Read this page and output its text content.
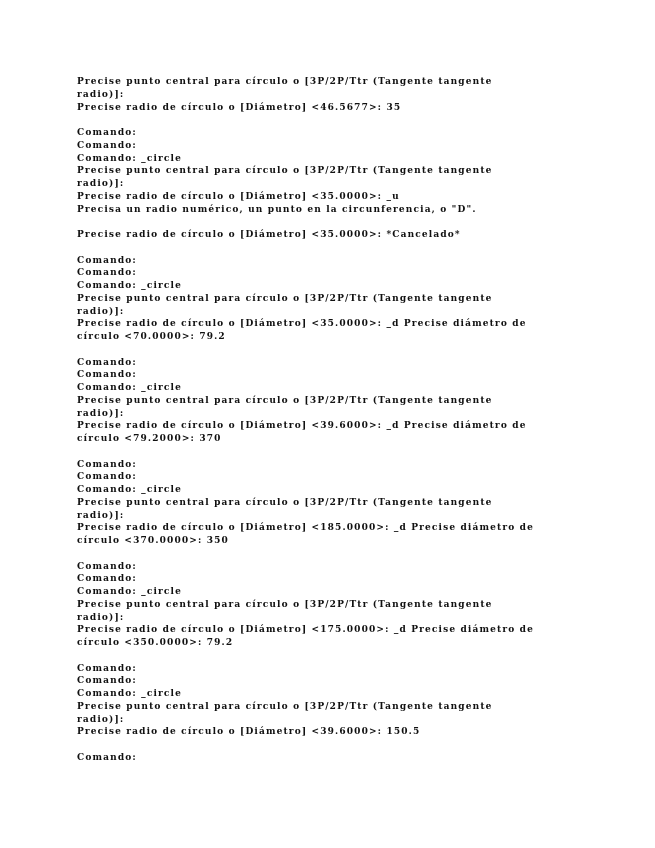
Precise punto central para círculo o [3P/2P/Ttr (Tangente tangente
radio)]:
Precise radio de círculo o [Diámetro] <46.5677>: 35
Comando:
Comando:
Comando: _circle
Precise punto central para círculo o [3P/2P/Ttr (Tangente tangente
radio)]:
Precise radio de círculo o [Diámetro] <35.0000>: _u
Precisa un radio numérico, un punto en la circunferencia, o "D".
Precise radio de círculo o [Diámetro] <35.0000>: *Cancelado*
Comando:
Comando:
Comando: _circle
Precise punto central para círculo o [3P/2P/Ttr (Tangente tangente
radio)]:
Precise radio de círculo o [Diámetro] <35.0000>: _d Precise diámetro de
círculo <70.0000>: 79.2
Comando:
Comando:
Comando: _circle
Precise punto central para círculo o [3P/2P/Ttr (Tangente tangente
radio)]:
Precise radio de círculo o [Diámetro] <39.6000>: _d Precise diámetro de
círculo <79.2000>: 370
Comando:
Comando:
Comando: _circle
Precise punto central para círculo o [3P/2P/Ttr (Tangente tangente
radio)]:
Precise radio de círculo o [Diámetro] <185.0000>: _d Precise diámetro de
círculo <370.0000>: 350
Comando:
Comando:
Comando: _circle
Precise punto central para círculo o [3P/2P/Ttr (Tangente tangente
radio)]:
Precise radio de círculo o [Diámetro] <175.0000>: _d Precise diámetro de
círculo <350.0000>: 79.2
Comando:
Comando:
Comando: _circle
Precise punto central para círculo o [3P/2P/Ttr (Tangente tangente
radio)]:
Precise radio de círculo o [Diámetro] <39.6000>: 150.5
Comando:
